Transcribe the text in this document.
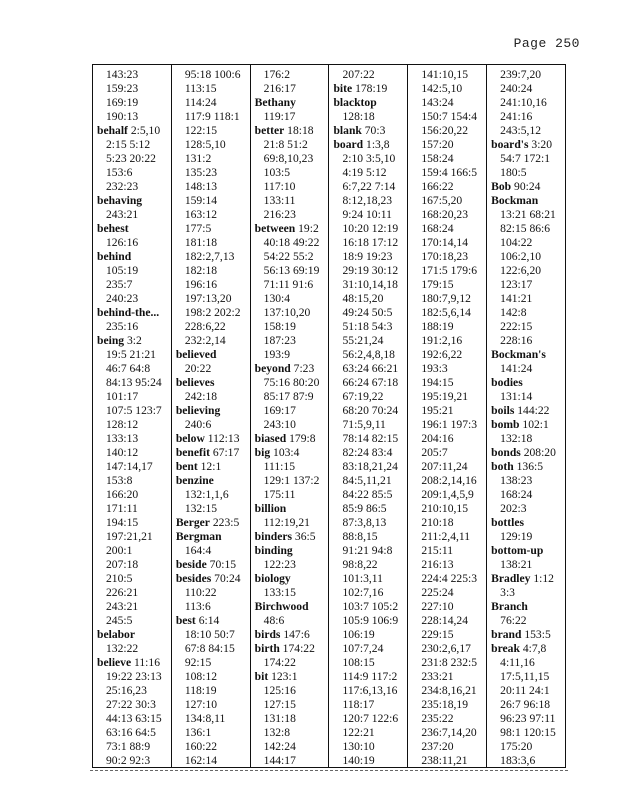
Page 250
143:23
159:23
169:19
190:13
behalf 2:5,10
2:15 5:12
5:23 20:22
153:6
232:23
behaving
243:21
behest
126:16
behind
105:19
235:7
240:23
behind-the...
235:16
being 3:2
19:5 21:21
46:7 64:8
84:13 95:24
101:17
107:5 123:7
128:12
133:13
140:12
147:14,17
153:8
166:20
171:11
194:15
197:21,21
200:1
207:18
210:5
226:21
243:21
245:5
belabor
132:22
believe 11:16
19:22 23:13
25:16,23
27:22 30:3
44:13 63:15
63:16 64:5
73:1 88:9
90:2 92:3
95:18 100:6
113:15
114:24
117:9 118:1
122:15
128:5,10
131:2
135:23
148:13
159:14
163:12
177:5
181:18
182:2,7,13
182:18
196:16
197:13,20
198:2 202:2
228:6,22
232:2,14
believed
20:22
believes
242:18
believing
240:6
below 112:13
benefit 67:17
bent 12:1
benzine
132:1,1,6
132:15
Berger 223:5
Bergman
164:4
beside 70:15
besides 70:24
110:22
113:6
best 6:14
18:10 50:7
67:8 84:15
92:15
108:12
118:19
127:10
134:8,11
136:1
160:22
162:14
176:2
216:17
Bethany
119:17
better 18:18
21:8 51:2
69:8,10,23
103:5
117:10
133:11
216:23
between 19:2
40:18 49:22
54:22 55:2
56:13 69:19
71:11 91:6
130:4
137:10,20
158:19
187:23
193:9
beyond 7:23
75:16 80:20
85:17 87:9
169:17
243:10
biased 179:8
big 103:4
111:15
129:1 137:2
175:11
billion
112:19,21
binders 36:5
binding
122:23
biology
133:15
Birchwood
48:6
birds 147:6
birth 174:22
174:22
bit 123:1
125:16
127:15
131:18
132:8
142:24
144:17
207:22
bite 178:19
blacktop
128:18
blank 70:3
board 1:3,8
2:10 3:5,10
4:19 5:12
6:7,22 7:14
8:12,18,23
9:24 10:11
10:20 12:19
16:18 17:12
18:9 19:23
29:19 30:12
31:10,14,18
48:15,20
49:24 50:5
51:18 54:3
55:21,24
56:2,4,8,18
63:24 66:21
66:24 67:18
67:19,22
68:20 70:24
71:5,9,11
78:14 82:15
82:24 83:4
83:18,21,24
84:5,11,21
84:22 85:5
85:9 86:5
87:3,8,13
88:8,15
91:21 94:8
98:8,22
101:3,11
102:7,16
103:7 105:2
105:9 106:9
106:19
107:7,24
108:15
114:9 117:2
117:6,13,16
118:17
120:7 122:6
122:21
130:10
140:19
141:10,15
142:5,10
143:24
150:7 154:4
156:20,22
157:20
158:24
159:4 166:5
166:22
167:5,20
168:20,23
168:24
170:14,14
170:18,23
171:5 179:6
179:15
180:7,9,12
182:5,6,14
188:19
191:2,16
192:6,22
193:3
194:15
195:19,21
195:21
196:1 197:3
204:16
205:7
207:11,24
208:2,14,16
209:1,4,5,9
210:10,15
210:18
211:2,4,11
215:11
216:13
224:4 225:3
225:24
227:10
228:14,24
229:15
230:2,6,17
231:8 232:5
233:21
234:8,16,21
235:18,19
235:22
236:7,14,20
237:20
238:11,21
239:7,20
240:24
241:10,16
241:16
243:5,12
board's 3:20
54:7 172:1
180:5
Bob 90:24
Bockman
13:21 68:21
82:15 86:6
104:22
106:2,10
122:6,20
123:17
141:21
142:8
222:15
228:16
Bockman's
141:24
bodies
131:14
boils 144:22
bomb 102:1
132:18
bonds 208:20
both 136:5
138:23
168:24
202:3
bottles
129:19
bottom-up
138:21
Bradley 1:12
3:3
Branch
76:22
brand 153:5
break 4:7,8
4:11,16
17:5,11,15
20:11 24:1
26:7 96:18
96:23 97:11
98:1 120:15
175:20
183:3,6
